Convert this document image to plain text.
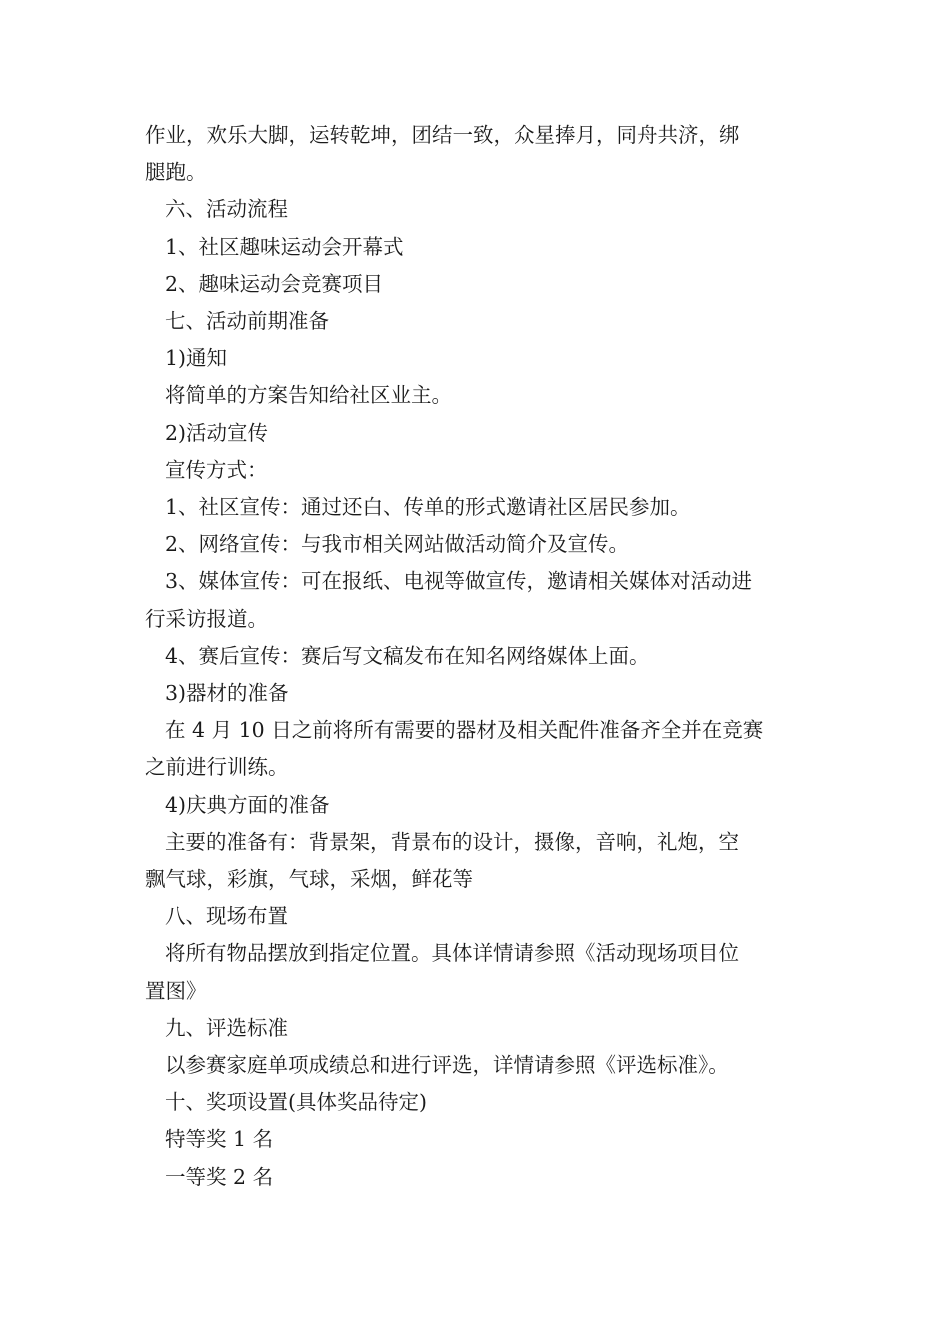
作业，欢乐大脚，运转乾坤，团结一致，众星捧月，同舟共济，绑

腿跑。

六、活动流程

1、社区趣味运动会开幕式

2、趣味运动会竞赛项目

七、活动前期准备

1)通知

将简单的方案告知给社区业主。

2)活动宣传

宣传方式：

1、社区宣传：通过还白、传单的形式邀请社区居民参加。

2、网络宣传：与我市相关网站做活动简介及宣传。

3、媒体宣传：可在报纸、电视等做宣传，邀请相关媒体对活动进

行采访报道。

4、赛后宣传：赛后写文稿发布在知名网络媒体上面。

3)器材的准备

在 4 月 10 日之前将所有需要的器材及相关配件准备齐全并在竞赛

之前进行训练。

4)庆典方面的准备

主要的准备有：背景架，背景布的设计，摄像，音响，礼炮，空

飘气球，彩旗，气球，采烟，鲜花等

八、现场布置

将所有物品摆放到指定位置。具体详情请参照《活动现场项目位

置图》

九、评选标准

以参赛家庭单项成绩总和进行评选，详情请参照《评选标准》。

十、奖项设置(具体奖品待定)

特等奖 1 名

一等奖 2 名
